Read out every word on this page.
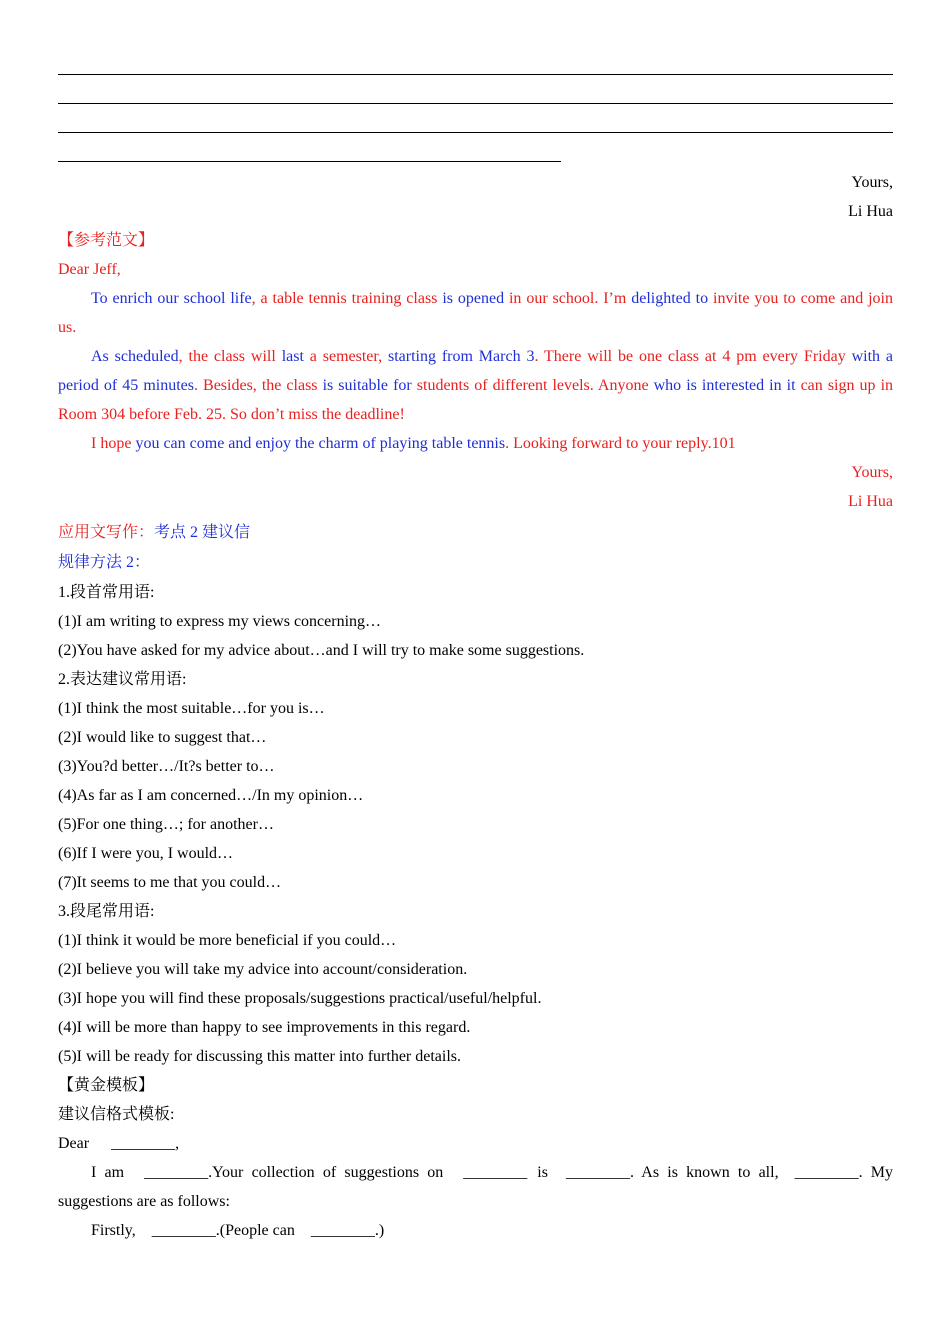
Yours,
Li Hua
【参考范文】
Dear Jeff,
To enrich our school life, a table tennis training class is opened in our school. I’m delighted to invite you to come and join us.
As scheduled, the class will last a semester, starting from March 3. There will be one class at 4 pm every Friday with a period of 45 minutes. Besides, the class is suitable for students of different levels. Anyone who is interested in it can sign up in Room 304 before Feb. 25. So don’t miss the deadline!
I hope you can come and enjoy the charm of playing table tennis. Looking forward to your reply.101
Yours,
Li Hua
应用文写作：考点 2 建议信
规律方法 2：
1.段首常用语:
(1)I am writing to express my views concerning…
(2)You have asked for my advice about…and I will try to make some suggestions.
2.表达建议常用语:
(1)I think the most suitable…for you is…
(2)I would like to suggest that…
(3)You?d better…/It?s better to…
(4)As far as I am concerned…/In my opinion…
(5)For one thing…; for another…
(6)If I were you, I would…
(7)It seems to me that you could…
3.段尾常用语:
(1)I think it would be more beneficial if you could…
(2)I believe you will take my advice into account/consideration.
(3)I hope you will find these proposals/suggestions practical/useful/helpful.
(4)I will be more than happy to see improvements in this regard.
(5)I will be ready for discussing this matter into further details.
【黄金模板】
建议信格式模板:
Dear ________,
I am ________.Your collection of suggestions on ________ is ________. As is known to all, ________. My suggestions are as follows:
Firstly, ________.(People can ________.)
